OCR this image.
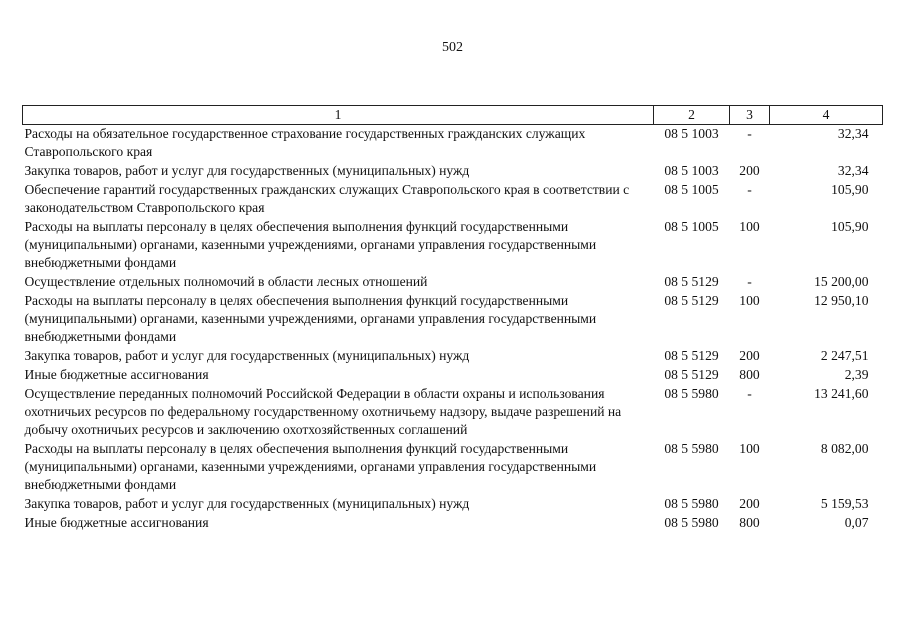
502
1	2	3	4
Расходы на обязательное государственное страхование государственных гражданских служащих Ставропольского края	08 5 1003	-	32,34
Закупка товаров, работ и услуг для государственных (муниципальных) нужд	08 5 1003	200	32,34
Обеспечение гарантий государственных гражданских служащих Ставропольского края в соответствии с законодательством Ставропольского края	08 5 1005	-	105,90
Расходы на выплаты персоналу в целях обеспечения выполнения функций государственными (муниципальными) органами, казенными учреждениями, органами управления государственными внебюджетными фондами	08 5 1005	100	105,90
Осуществление отдельных полномочий в области лесных отношений	08 5 5129	-	15 200,00
Расходы на выплаты персоналу в целях обеспечения выполнения функций государственными (муниципальными) органами, казенными учреждениями, органами управления государственными внебюджетными фондами	08 5 5129	100	12 950,10
Закупка товаров, работ и услуг для государственных (муниципальных) нужд	08 5 5129	200	2 247,51
Иные бюджетные ассигнования	08 5 5129	800	2,39
Осуществление переданных полномочий Российской Федерации в области охраны и использования охотничьих ресурсов по федеральному государственному охотничьему надзору, выдаче разрешений на добычу охотничьих ресурсов и заключению охотхозяйственных соглашений	08 5 5980	-	13 241,60
Расходы на выплаты персоналу в целях обеспечения выполнения функций государственными (муниципальными) органами, казенными учреждениями, органами управления государственными внебюджетными фондами	08 5 5980	100	8 082,00
Закупка товаров, работ и услуг для государственных (муниципальных) нужд	08 5 5980	200	5 159,53
Иные бюджетные ассигнования	08 5 5980	800	0,07
